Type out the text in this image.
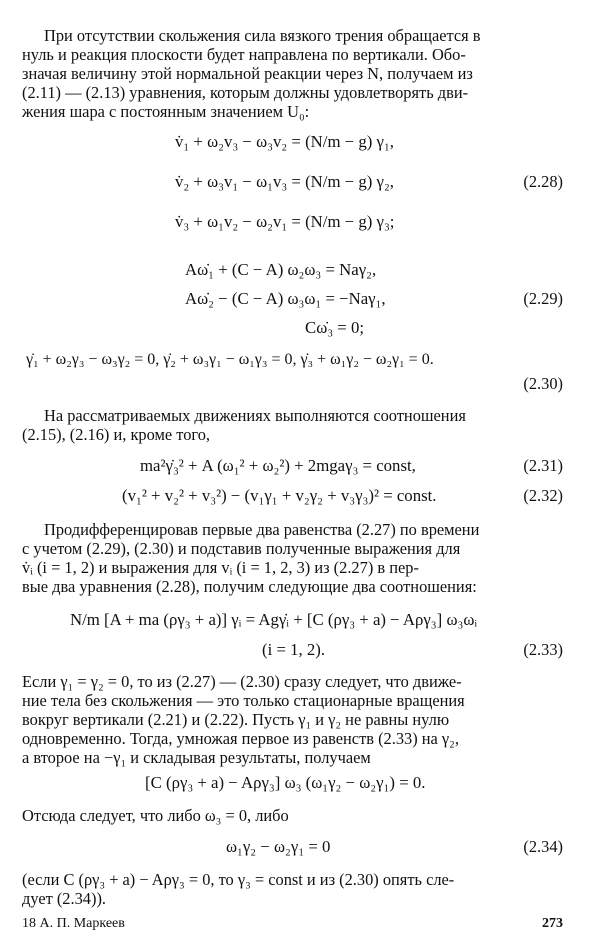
При отсутствии скольжения сила вязкого трения обращается в
нуль и реакция плоскости будет направлена по вертикали. Обо-
значая величину этой нормальной реакции через N, получаем из
(2.11) — (2.13) уравнения, которым должны удовлетворять дви-
жения шара с постоянным значением U₀:
v̇₁ + ω₂v₃ − ω₃v₂ = (N/m − g) γ₁,
v̇₂ + ω₃v₁ − ω₁v₃ = (N/m − g) γ₂,
v̇₃ + ω₁v₂ − ω₂v₁ = (N/m − g) γ₃;
(2.28)
Aω̇₁ + (C − A) ω₂ω₃ = Naγ₂,
Aω̇₂ − (C − A) ω₃ω₁ = −Naγ₁,
Cω̇₃ = 0;
(2.29)
γ̇₁ + ω₂γ₃ − ω₃γ₂ = 0, γ̇₂ + ω₃γ₁ − ω₁γ₃ = 0, γ̇₃ + ω₁γ₂ − ω₂γ₁ = 0.
(2.30)
На рассматриваемых движениях выполняются соотношения
(2.15), (2.16) и, кроме того,
ma²γ̇₃² + A (ω₁² + ω₂²) + 2mgaγ₃ = const,	(2.31)
(v₁² + v₂² + v₃²) − (v₁γ₁ + v₂γ₂ + v₃γ₃)² = const.	(2.32)
Продифференцировав первые два равенства (2.27) по времени
с учетом (2.29), (2.30) и подставив полученные выражения для
v̇ᵢ (i = 1, 2) и выражения для vᵢ (i = 1, 2, 3) из (2.27) в пер-
вые два уравнения (2.28), получим следующие два соотношения:
N/m [A + ma (ργ₃ + a)] γᵢ = Agγ̇ᵢ + [C (ργ₃ + a) − Aργ₃] ω₃ωᵢ
(i = 1, 2).	(2.33)
Если γ₁ = γ₂ = 0, то из (2.27) — (2.30) сразу следует, что движе-
ние тела без скольжения — это только стационарные вращения
вокруг вертикали (2.21) и (2.22). Пусть γ₁ и γ₂ не равны нулю
одновременно. Тогда, умножая первое из равенств (2.33) на γ₂,
а второе на −γ₁ и складывая результаты, получаем
[C (ργ₃ + a) − Aργ₃] ω₃ (ω₁γ₂ − ω₂γ₁) = 0.
Отсюда следует, что либо ω₃ = 0, либо
ω₁γ₂ − ω₂γ₁ = 0	(2.34)
(если C (ργ₃ + a) − Aργ₃ = 0, то γ₃ = const и из (2.30) опять сле-
дует (2.34)).
18 А. П. Маркеев	273
